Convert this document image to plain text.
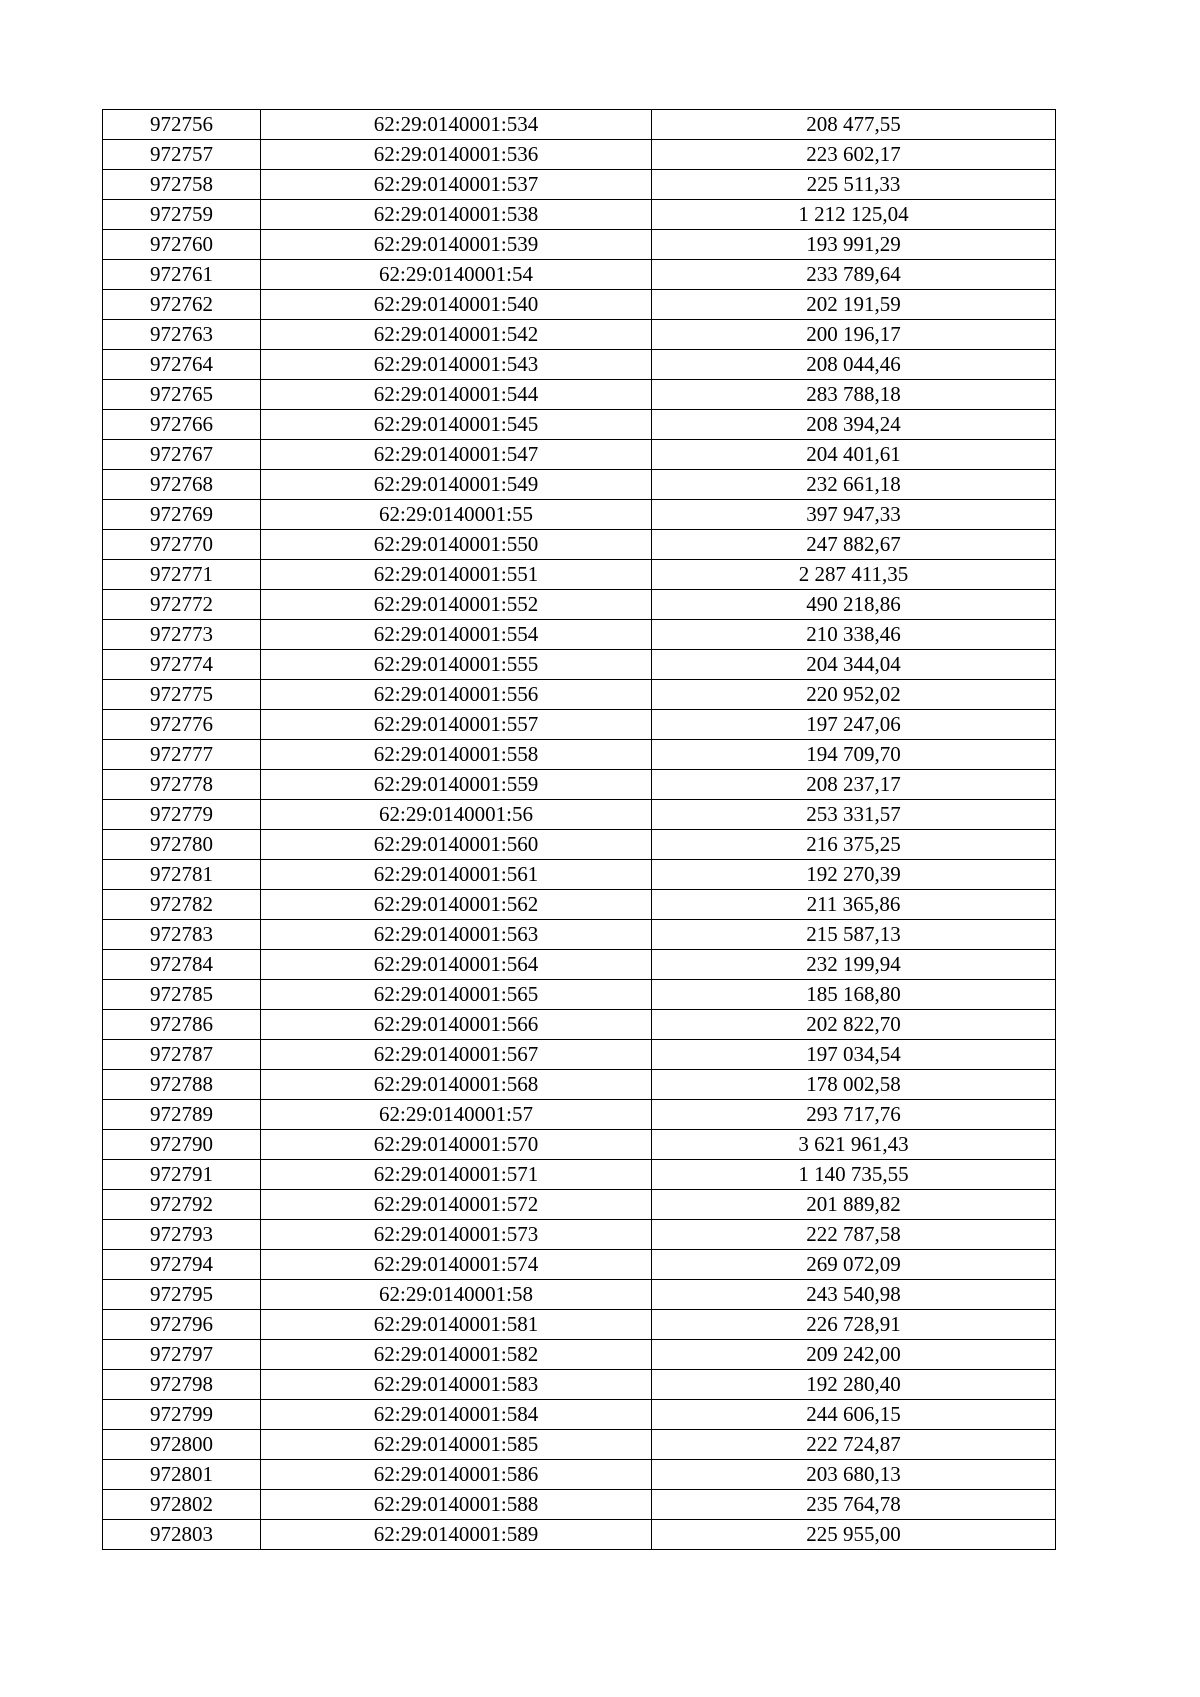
972756	62:29:0140001:534	208 477,55
972757	62:29:0140001:536	223 602,17
972758	62:29:0140001:537	225 511,33
972759	62:29:0140001:538	1 212 125,04
972760	62:29:0140001:539	193 991,29
972761	62:29:0140001:54	233 789,64
972762	62:29:0140001:540	202 191,59
972763	62:29:0140001:542	200 196,17
972764	62:29:0140001:543	208 044,46
972765	62:29:0140001:544	283 788,18
972766	62:29:0140001:545	208 394,24
972767	62:29:0140001:547	204 401,61
972768	62:29:0140001:549	232 661,18
972769	62:29:0140001:55	397 947,33
972770	62:29:0140001:550	247 882,67
972771	62:29:0140001:551	2 287 411,35
972772	62:29:0140001:552	490 218,86
972773	62:29:0140001:554	210 338,46
972774	62:29:0140001:555	204 344,04
972775	62:29:0140001:556	220 952,02
972776	62:29:0140001:557	197 247,06
972777	62:29:0140001:558	194 709,70
972778	62:29:0140001:559	208 237,17
972779	62:29:0140001:56	253 331,57
972780	62:29:0140001:560	216 375,25
972781	62:29:0140001:561	192 270,39
972782	62:29:0140001:562	211 365,86
972783	62:29:0140001:563	215 587,13
972784	62:29:0140001:564	232 199,94
972785	62:29:0140001:565	185 168,80
972786	62:29:0140001:566	202 822,70
972787	62:29:0140001:567	197 034,54
972788	62:29:0140001:568	178 002,58
972789	62:29:0140001:57	293 717,76
972790	62:29:0140001:570	3 621 961,43
972791	62:29:0140001:571	1 140 735,55
972792	62:29:0140001:572	201 889,82
972793	62:29:0140001:573	222 787,58
972794	62:29:0140001:574	269 072,09
972795	62:29:0140001:58	243 540,98
972796	62:29:0140001:581	226 728,91
972797	62:29:0140001:582	209 242,00
972798	62:29:0140001:583	192 280,40
972799	62:29:0140001:584	244 606,15
972800	62:29:0140001:585	222 724,87
972801	62:29:0140001:586	203 680,13
972802	62:29:0140001:588	235 764,78
972803	62:29:0140001:589	225 955,00
